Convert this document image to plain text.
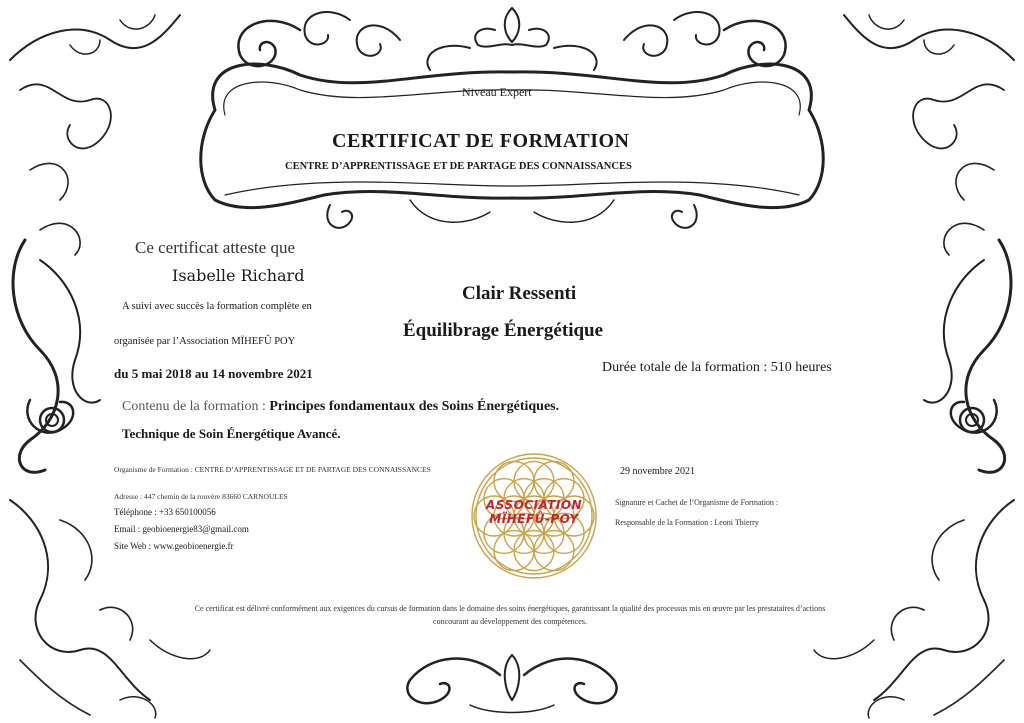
Niveau Expert
CERTIFICAT DE FORMATION
CENTRE D’APPRENTISSAGE ET DE PARTAGE DES CONNAISSANCES
Ce certificat atteste que
Isabelle Richard
A suivi avec succès la formation complète en
organisée par l’Association MÏHEFÛ POY
du 5 mai 2018 au 14 novembre 2021
Clair Ressenti
Équilibrage Énergétique
Durée totale de la formation : 510 heures
Contenu de la formation : Principes fondamentaux des Soins Énergétiques.
Technique de Soin Énergétique Avancé.
Organisme de Formation : CENTRE D’APPRENTISSAGE ET DE PARTAGE DES CONNAISSANCES
Adresse : 447 chemin de la rouvère 83660 CARNOULES
Téléphone : +33 650100056
Email : geobioenergie83@gmail.com
Site Web : www.geobioenergie.fr
ASSOCIATION
MÏHEFÛ-POY
29 novembre 2021
Signature et Cachet de l’Organisme de Formation :
Responsable de la Formation : Leoni Thierry
Ce certificat est délivré conformément aux exigences du cursus de formation dans le domaine des soins énergétiques, garantissant la qualité des processus mis en œuvre par les prestataires d’actions concourant au développement des compétences.
